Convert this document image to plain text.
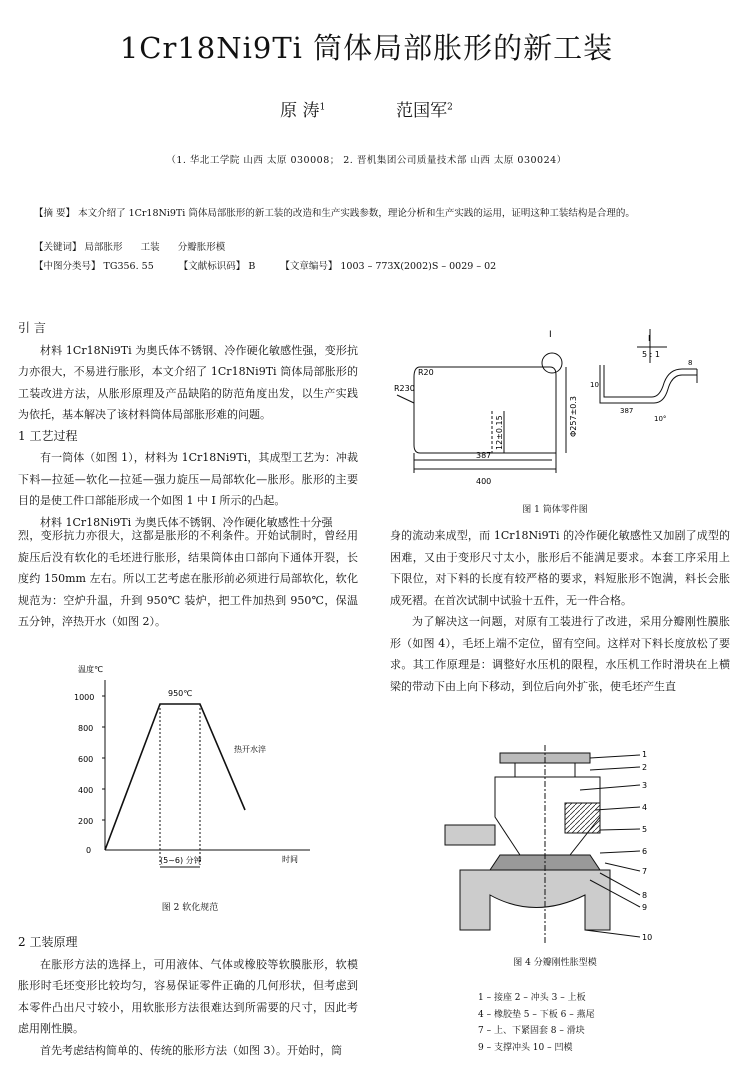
1Cr18Ni9Ti 筒体局部胀形的新工装
原 涛$^1$	范国军$^2$
（1. 华北工学院 山西 太原 030008； 2. 晋机集团公司质量技术部 山西 太原 030024）
【摘 要】 本文介绍了 1Cr18Ni9Ti 筒体局部胀形的新工装的改造和生产实践参数，理论分析和生产实践的运用，证明这种工装结构是合理的。
【关键词】 局部胀形      工装      分瓣胀形模
【中图分类号】 TG356. 55	【文献标识码】 B	【文章编号】 1003 – 773X(2002)S – 0029 – 02
引 言

材料 1Cr18Ni9Ti 为奥氏体不锈钢、冷作硬化敏感性强，变形抗力亦很大，不易进行胀形，本文介绍了 1Cr18Ni9Ti 筒体局部胀形的工装改进方法，从胀形原理及产品缺陷的防范角度出发，以生产实践为依托，基本解决了该材料筒体局部胀形难的问题。

1 工艺过程

有一筒体（如图 1），材料为 1Cr18Ni9Ti，其成型工艺为：冲裁下料—拉延—软化—拉延—强力旋压—局部软化—胀形。胀形的主要目的是使工件口部能形成一个如图 1 中 I 所示的凸起。

材料 1Cr18Ni9Ti 为奥氏体不锈钢、冷作硬化敏感性十分强

I
R20
R230
387
400
12±0.15	Φ257±0.3
I
5 : 1
10
8
387
10°
图 1 筒体零件图

烈，变形抗力亦很大，这都是胀形的不利条件。开始试制时，曾经用旋压后没有软化的毛坯进行胀形，结果筒体由口部向下通体开裂，长度约 150mm 左右。所以工艺考虑在胀形前必须进行局部软化，软化规范为：空炉升温，升到 950℃ 装炉，把工件加热到 950℃，保温五分钟，淬热开水（如图 2）。

身的流动来成型，而 1Cr18Ni9Ti 的冷作硬化敏感性又加剧了成型的困难，又由于变形尺寸太小，胀形后不能满足要求。本套工序采用上下限位，对下料的长度有较严格的要求，料短胀形不饱满，料长会胀成死褶。在首次试制中试验十五件，无一件合格。

为了解决这一问题，对原有工装进行了改进，采用分瓣刚性膜胀形（如图 4），毛坯上端不定位，留有空间。这样对下料长度放松了要求。其工作原理是：调整好水压机的限程，水压机工作时滑块在上横梁的带动下由上向下移动，到位后向外扩张，使毛坯产生直

温度℃
1000
800
600
400
200
0
950℃
热开水淬
(5~6) 分钟	时间
图 2 软化规范
2 工装原理

在胀形方法的选择上，可用液体、气体或橡胶等软膜胀形，软模胀形时毛坯变形比较均匀，容易保证零件正确的几何形状，但考虑到本零件凸出尺寸较小，用软胀形方法很难达到所需要的尺寸，因此考虑用刚性膜。

首先考虑结构简单的、传统的胀形方法（如图 3）。开始时，筒

1
2
3
4
5
6
7
8
9
10
图 4 分瓣刚性胀型模
1 – 接座 2 – 冲头 3 – 上板
4 – 橡胶垫 5 – 下板 6 – 燕尾
7 – 上、下紧固套 8 – 滑块
9 – 支撑冲头 10 – 凹模
